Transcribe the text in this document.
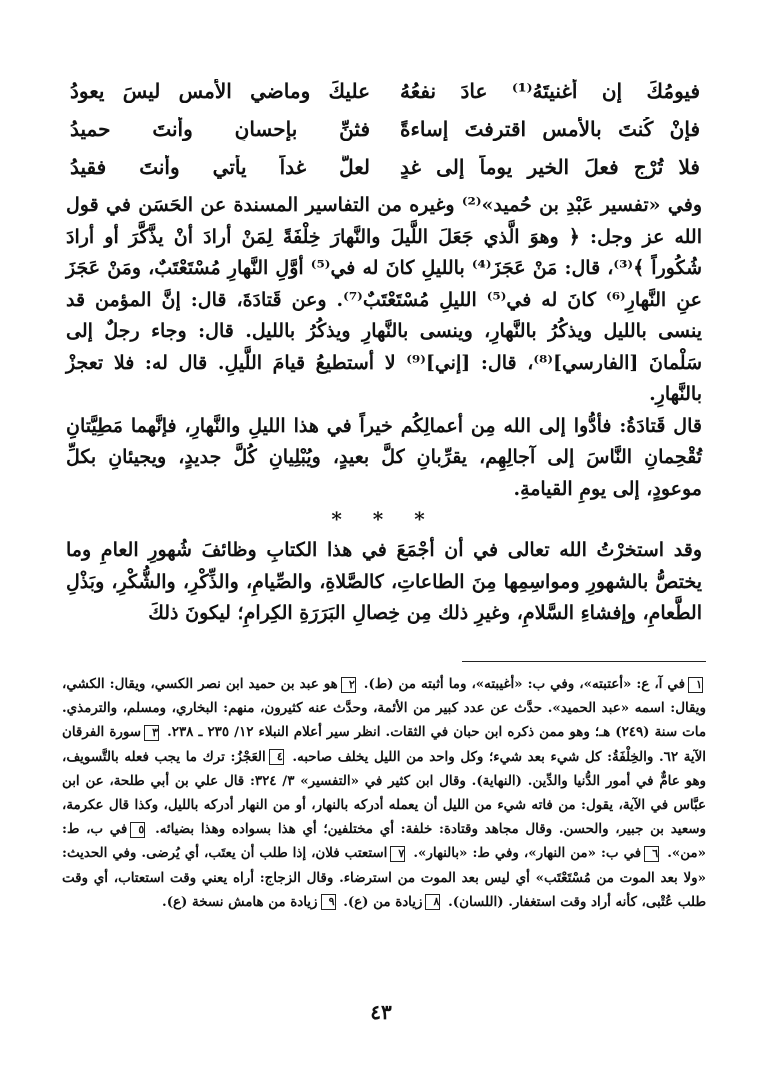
فيومُكَ إن أغنيتَهُ⁽¹⁾ عادَ نفعُهُ
عليكَ وماضي الأمسِ ليسَ يعودُ
فإنْ كُنتَ بالأمسِ اقترفتَ إساءةً
فثنِّ بإحسانٍ وأنتَ حميدُ
فلا تُرْجِ فعلَ الخيرِ يوماً إلى غدٍ
لعلَّ غداً يأتي وأنتَ فقيدُ

وفي «تفسير عَبْدِ بن حُميد»⁽²⁾ وغيره من التفاسير المسندة عن الحَسَن في قول الله عز وجل: ﴿ وهوَ الَّذي جَعَلَ اللَّيلَ والنَّهارَ خِلْفَةً لِمَنْ أرادَ أنْ يذَّكَّرَ أو أرادَ شُكُوراً ﴾⁽³⁾، قال: مَنْ عَجَزَ⁽⁴⁾ بالليلِ كانَ له في⁽⁵⁾ أوَّلِ النَّهارِ مُسْتَعْتَبٌ، ومَنْ عَجَزَ عنِ النَّهارِ⁽⁶⁾ كانَ له في⁽⁵⁾ الليلِ مُسْتَعْتَبٌ⁽⁷⁾. وعن قَتادَةَ، قال: إنَّ المؤمن قد ينسى بالليل ويذكُرُ بالنَّهارِ، وينسى بالنَّهارِ ويذكُرُ بالليل. قال: وجاء رجلٌ إلى سَلْمانَ [الفارسي]⁽⁸⁾، قال: [إني]⁽⁹⁾ لا أستطيعُ قيامَ اللَّيلِ. قال له: فلا تعجزْ بالنَّهارِ.

قال قَتادَةُ: فأدُّوا إلى الله مِن أعمالِكُم خيراً في هذا الليلِ والنَّهارِ، فإنَّهما مَطِيَّتانِ تُقْحِمانِ النَّاسَ إلى آجالِهِم، يقرِّبانِ كلَّ بعيدٍ، ويُبْلِيانِ كُلَّ جديدٍ، ويجيئانِ بكلِّ موعودٍ، إلى يومِ القيامةِ.

* * *

وقد استخرْتُ الله تعالى في أن أجْمَعَ في هذا الكتابِ وظائفَ شُهورِ العامِ وما يختصُّ بالشهورِ ومواسِمِها مِنَ الطاعاتِ، كالصَّلاةِ، والصِّيامِ، والذِّكْرِ، والشُّكْرِ، وبَذْلِ الطَّعامِ، وإفشاءِ السَّلامِ، وغيرِ ذلك مِن خِصالِ البَرَرَةِ الكِرامِ؛ ليكونَ ذلكَ

١في آ، ع: «أعتبته»، وفي ب: «أغيبته»، وما أثبته من (ط). ٢هو عبد بن حميد ابن نصر الكسي، ويقال: الكشي، ويقال: اسمه «عبد الحميد». حدَّث عن عدد كبير من الأئمة، وحدَّث عنه كثيرون، منهم: البخاري، ومسلم، والترمذي. مات سنة (٢٤٩) هـ؛ وهو ممن ذكره ابن حبان في الثقات. انظر سير أعلام النبلاء ١٢/ ٢٣٥ ـ ٢٣٨. ٣سورة الفرقان الآية ٦٢. والخِلْفَةُ: كل شيء بعد شيء؛ وكل واحد من الليل يخلف صاحبه. ٤العَجْزُ: ترك ما يجب فعله بالتَّسويف، وهو عامٌّ في أمور الدُّنيا والدِّين. (النهاية). وقال ابن كثير في «التفسير» ٣/ ٣٢٤: قال علي بن أبي طلحة، عن ابن عبَّاس في الآية، يقول: من فاته شيء من الليل أن يعمله أدركه بالنهار، أو من النهار أدركه بالليل، وكذا قال عكرمة، وسعيد بن جبير، والحسن. وقال مجاهد وقتادة: خلفة: أي مختلفين؛ أي هذا بسواده وهذا بضيائه. ٥في ب، ط: «من». ٦في ب: «من النهار»، وفي ط: «بالنهار». ٧استعتب فلان، إذا طلب أن يعتَب، أي يُرضى. وفي الحديث: «ولا بعد الموت من مُسْتَعْتَب» أي ليس بعد الموت من استرضاء. وقال الزجاج: أراه يعني وقت استعتاب، أي وقت طلب عُتْبى، كأنه أراد وقت استغفار. (اللسان). ٨زيادة من (ع). ٩زيادة من هامش نسخة (ع).
٤٣
